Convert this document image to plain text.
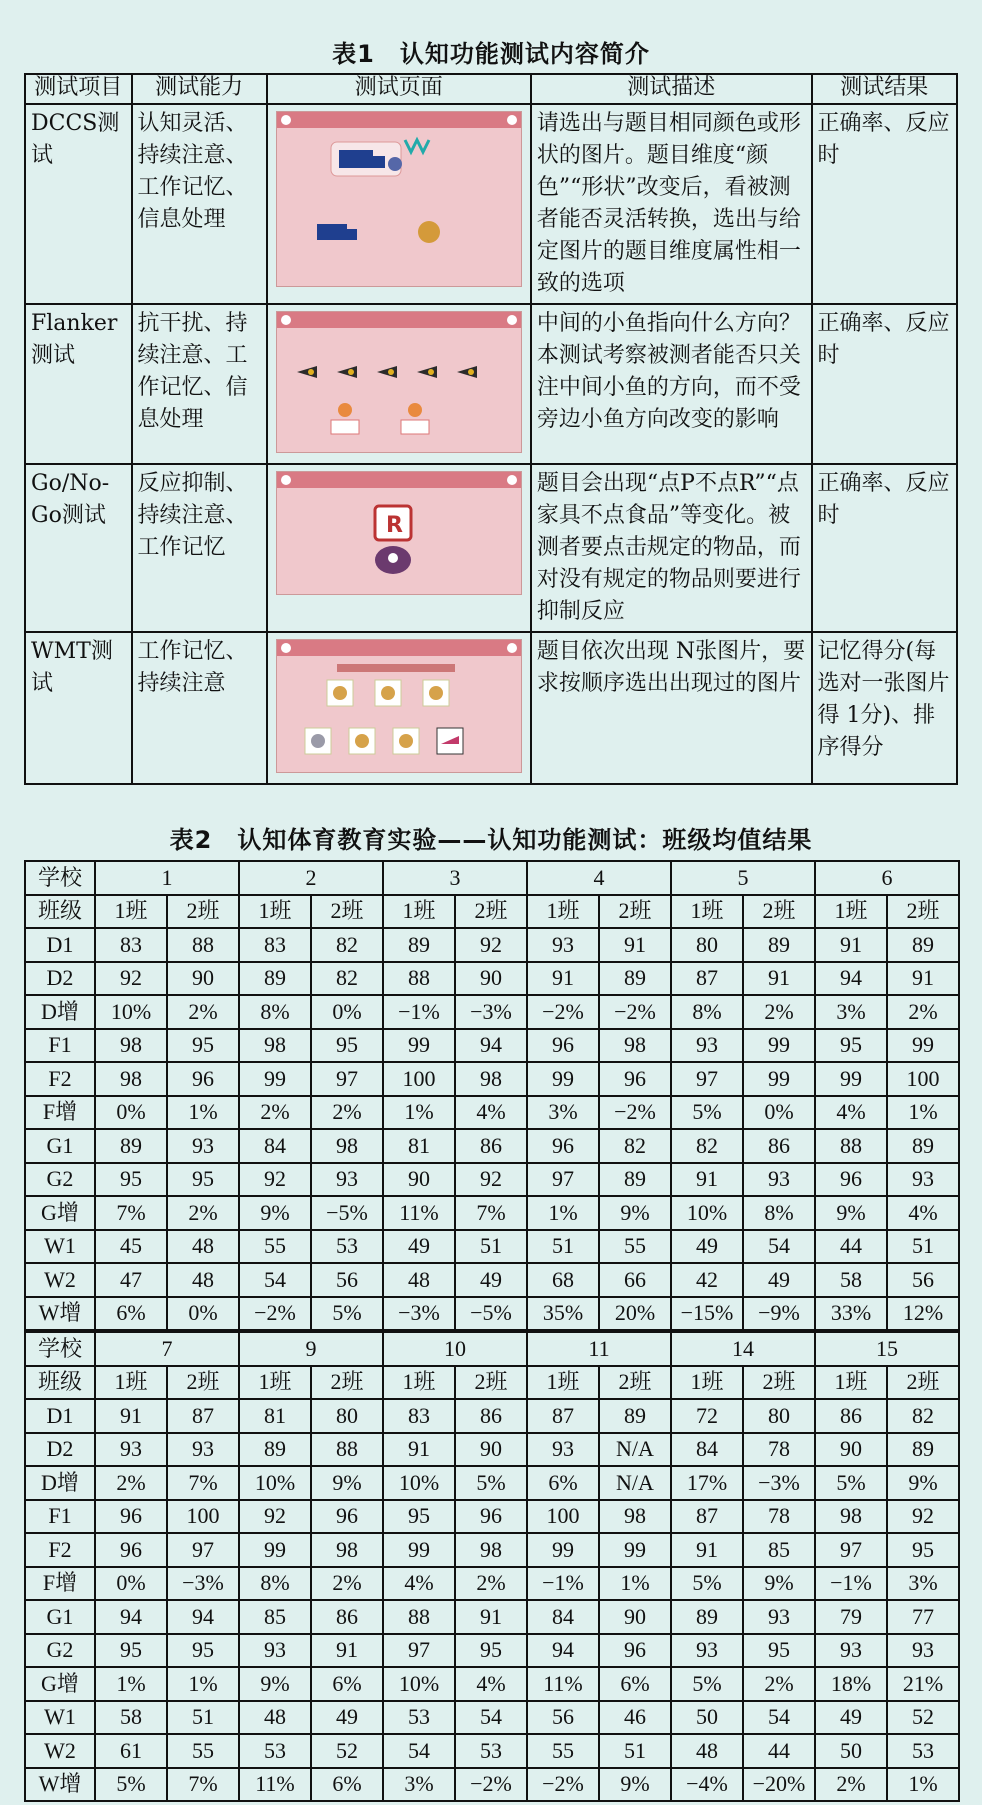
表1　认知功能测试内容简介
测试项目	测试能力	测试页面	测试描述	测试结果
DCCS测试	认知灵活、持续注意、工作记忆、信息处理		请选出与题目相同颜色或形状的图片。题目维度“颜色”“形状”改变后，看被测者能否灵活转换，选出与给定图片的题目维度属性相一致的选项	正确率、反应时
Flanker测试	抗干扰、持续注意、工作记忆、信息处理		中间的小鱼指向什么方向？本测试考察被测者能否只关注中间小鱼的方向，而不受旁边小鱼方向改变的影响	正确率、反应时
Go/No-Go测试	反应抑制、持续注意、工作记忆	R	题目会出现“点P不点R”“点家具不点食品”等变化。被测者要点击规定的物品，而对没有规定的物品则要进行抑制反应	正确率、反应时
WMT测试	工作记忆、持续注意		题目依次出现 N张图片，要求按顺序选出出现过的图片	记忆得分(每选对一张图片得 1分)、排序得分
表2　认知体育教育实验——认知功能测试：班级均值结果
学校	1		2		3		4		5		6	
班级	1班	2班	1班	2班	1班	2班	1班	2班	1班	2班	1班	2班
D1	83	88	83	82	89	92	93	91	80	89	91	89
D2	92	90	89	82	88	90	91	89	87	91	94	91
D增	10%	2%	8%	0%	−1%	−3%	−2%	−2%	8%	2%	3%	2%
F1	98	95	98	95	99	94	96	98	93	99	95	99
F2	98	96	99	97	100	98	99	96	97	99	99	100
F增	0%	1%	2%	2%	1%	4%	3%	−2%	5%	0%	4%	1%
G1	89	93	84	98	81	86	96	82	82	86	88	89
G2	95	95	92	93	90	92	97	89	91	93	96	93
G增	7%	2%	9%	−5%	11%	7%	1%	9%	10%	8%	9%	4%
W1	45	48	55	53	49	51	51	55	49	54	44	51
W2	47	48	54	56	48	49	68	66	42	49	58	56
W增	6%	0%	−2%	5%	−3%	−5%	35%	20%	−15%	−9%	33%	12%
学校	7		9		10		11		14		15	
班级	1班	2班	1班	2班	1班	2班	1班	2班	1班	2班	1班	2班
D1	91	87	81	80	83	86	87	89	72	80	86	82
D2	93	93	89	88	91	90	93	N/A	84	78	90	89
D增	2%	7%	10%	9%	10%	5%	6%	N/A	17%	−3%	5%	9%
F1	96	100	92	96	95	96	100	98	87	78	98	92
F2	96	97	99	98	99	98	99	99	91	85	97	95
F增	0%	−3%	8%	2%	4%	2%	−1%	1%	5%	9%	−1%	3%
G1	94	94	85	86	88	91	84	90	89	93	79	77
G2	95	95	93	91	97	95	94	96	93	95	93	93
G增	1%	1%	9%	6%	10%	4%	11%	6%	5%	2%	18%	21%
W1	58	51	48	49	53	54	56	46	50	54	49	52
W2	61	55	53	52	54	53	55	51	48	44	50	53
W增	5%	7%	11%	6%	3%	−2%	−2%	9%	−4%	−20%	2%	1%
